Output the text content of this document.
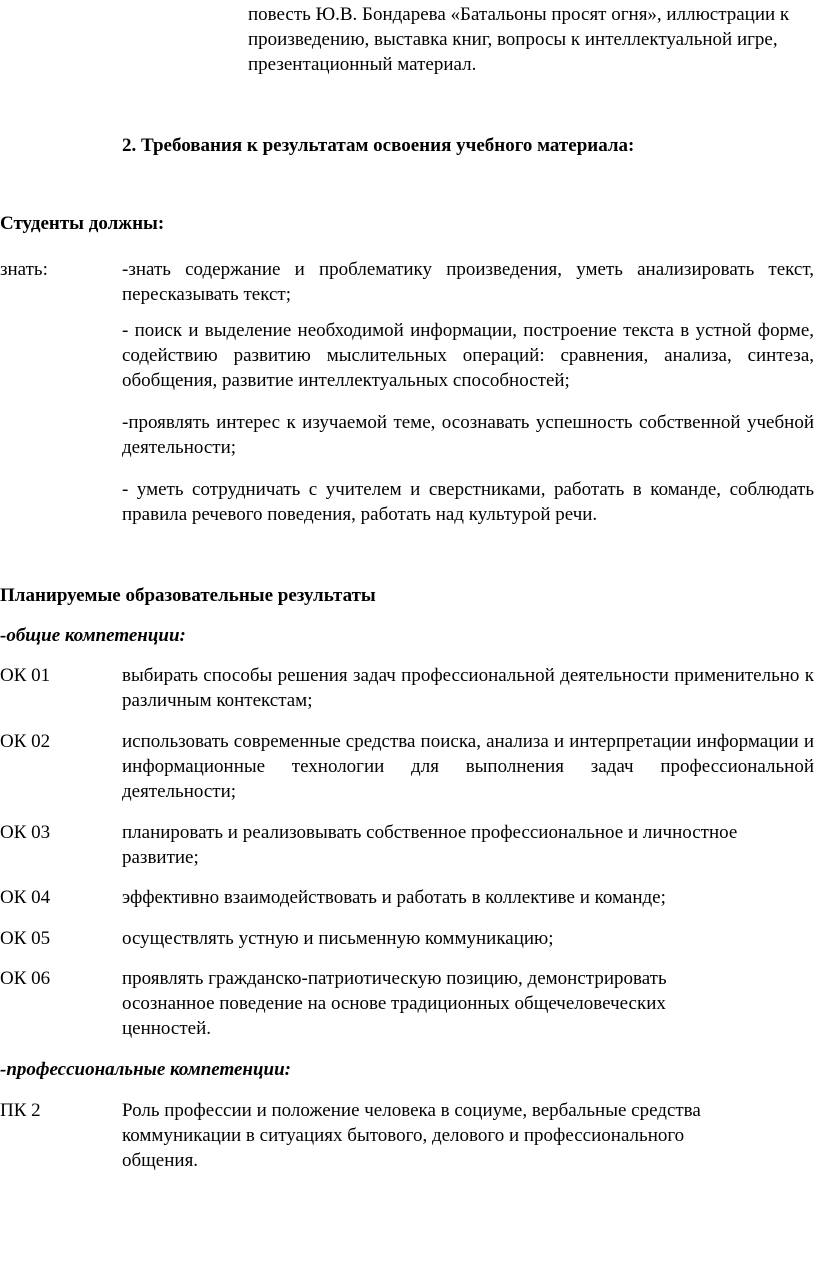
повесть Ю.В. Бондарева «Батальоны просят огня», иллюстрации к произведению, выставка книг, вопросы к интеллектуальной игре, презентационный материал.
2. Требования к результатам освоения учебного материала:
Студенты должны:
знать:	-знать содержание и проблематику произведения, уметь анализировать текст, пересказывать текст;
- поиск и выделение необходимой информации, построение текста в устной форме, содействию развитию мыслительных операций: сравнения, анализа, синтеза, обобщения, развитие интеллектуальных способностей;
-проявлять интерес к изучаемой теме, осознавать успешность собственной учебной деятельности;
- уметь сотрудничать с учителем и сверстниками, работать в команде, соблюдать правила речевого поведения, работать над культурой речи.
Планируемые образовательные результаты
-общие компетенции:
ОК 01	выбирать способы решения задач профессиональной деятельности применительно к различным контекстам;
ОК 02	использовать современные средства поиска, анализа и интерпретации информации и информационные технологии для выполнения задач профессиональной деятельности;
ОК 03	планировать и реализовывать собственное профессиональное и личностное развитие;
ОК 04	эффективно взаимодействовать и работать в коллективе и команде;
ОК 05	осуществлять устную и письменную коммуникацию;
ОК 06	проявлять гражданско-патриотическую позицию, демонстрировать осознанное поведение на основе традиционных общечеловеческих ценностей.
-профессиональные компетенции:
ПК 2	Роль профессии и положение человека в социуме, вербальные средства коммуникации в ситуациях бытового, делового и профессионального общения.
